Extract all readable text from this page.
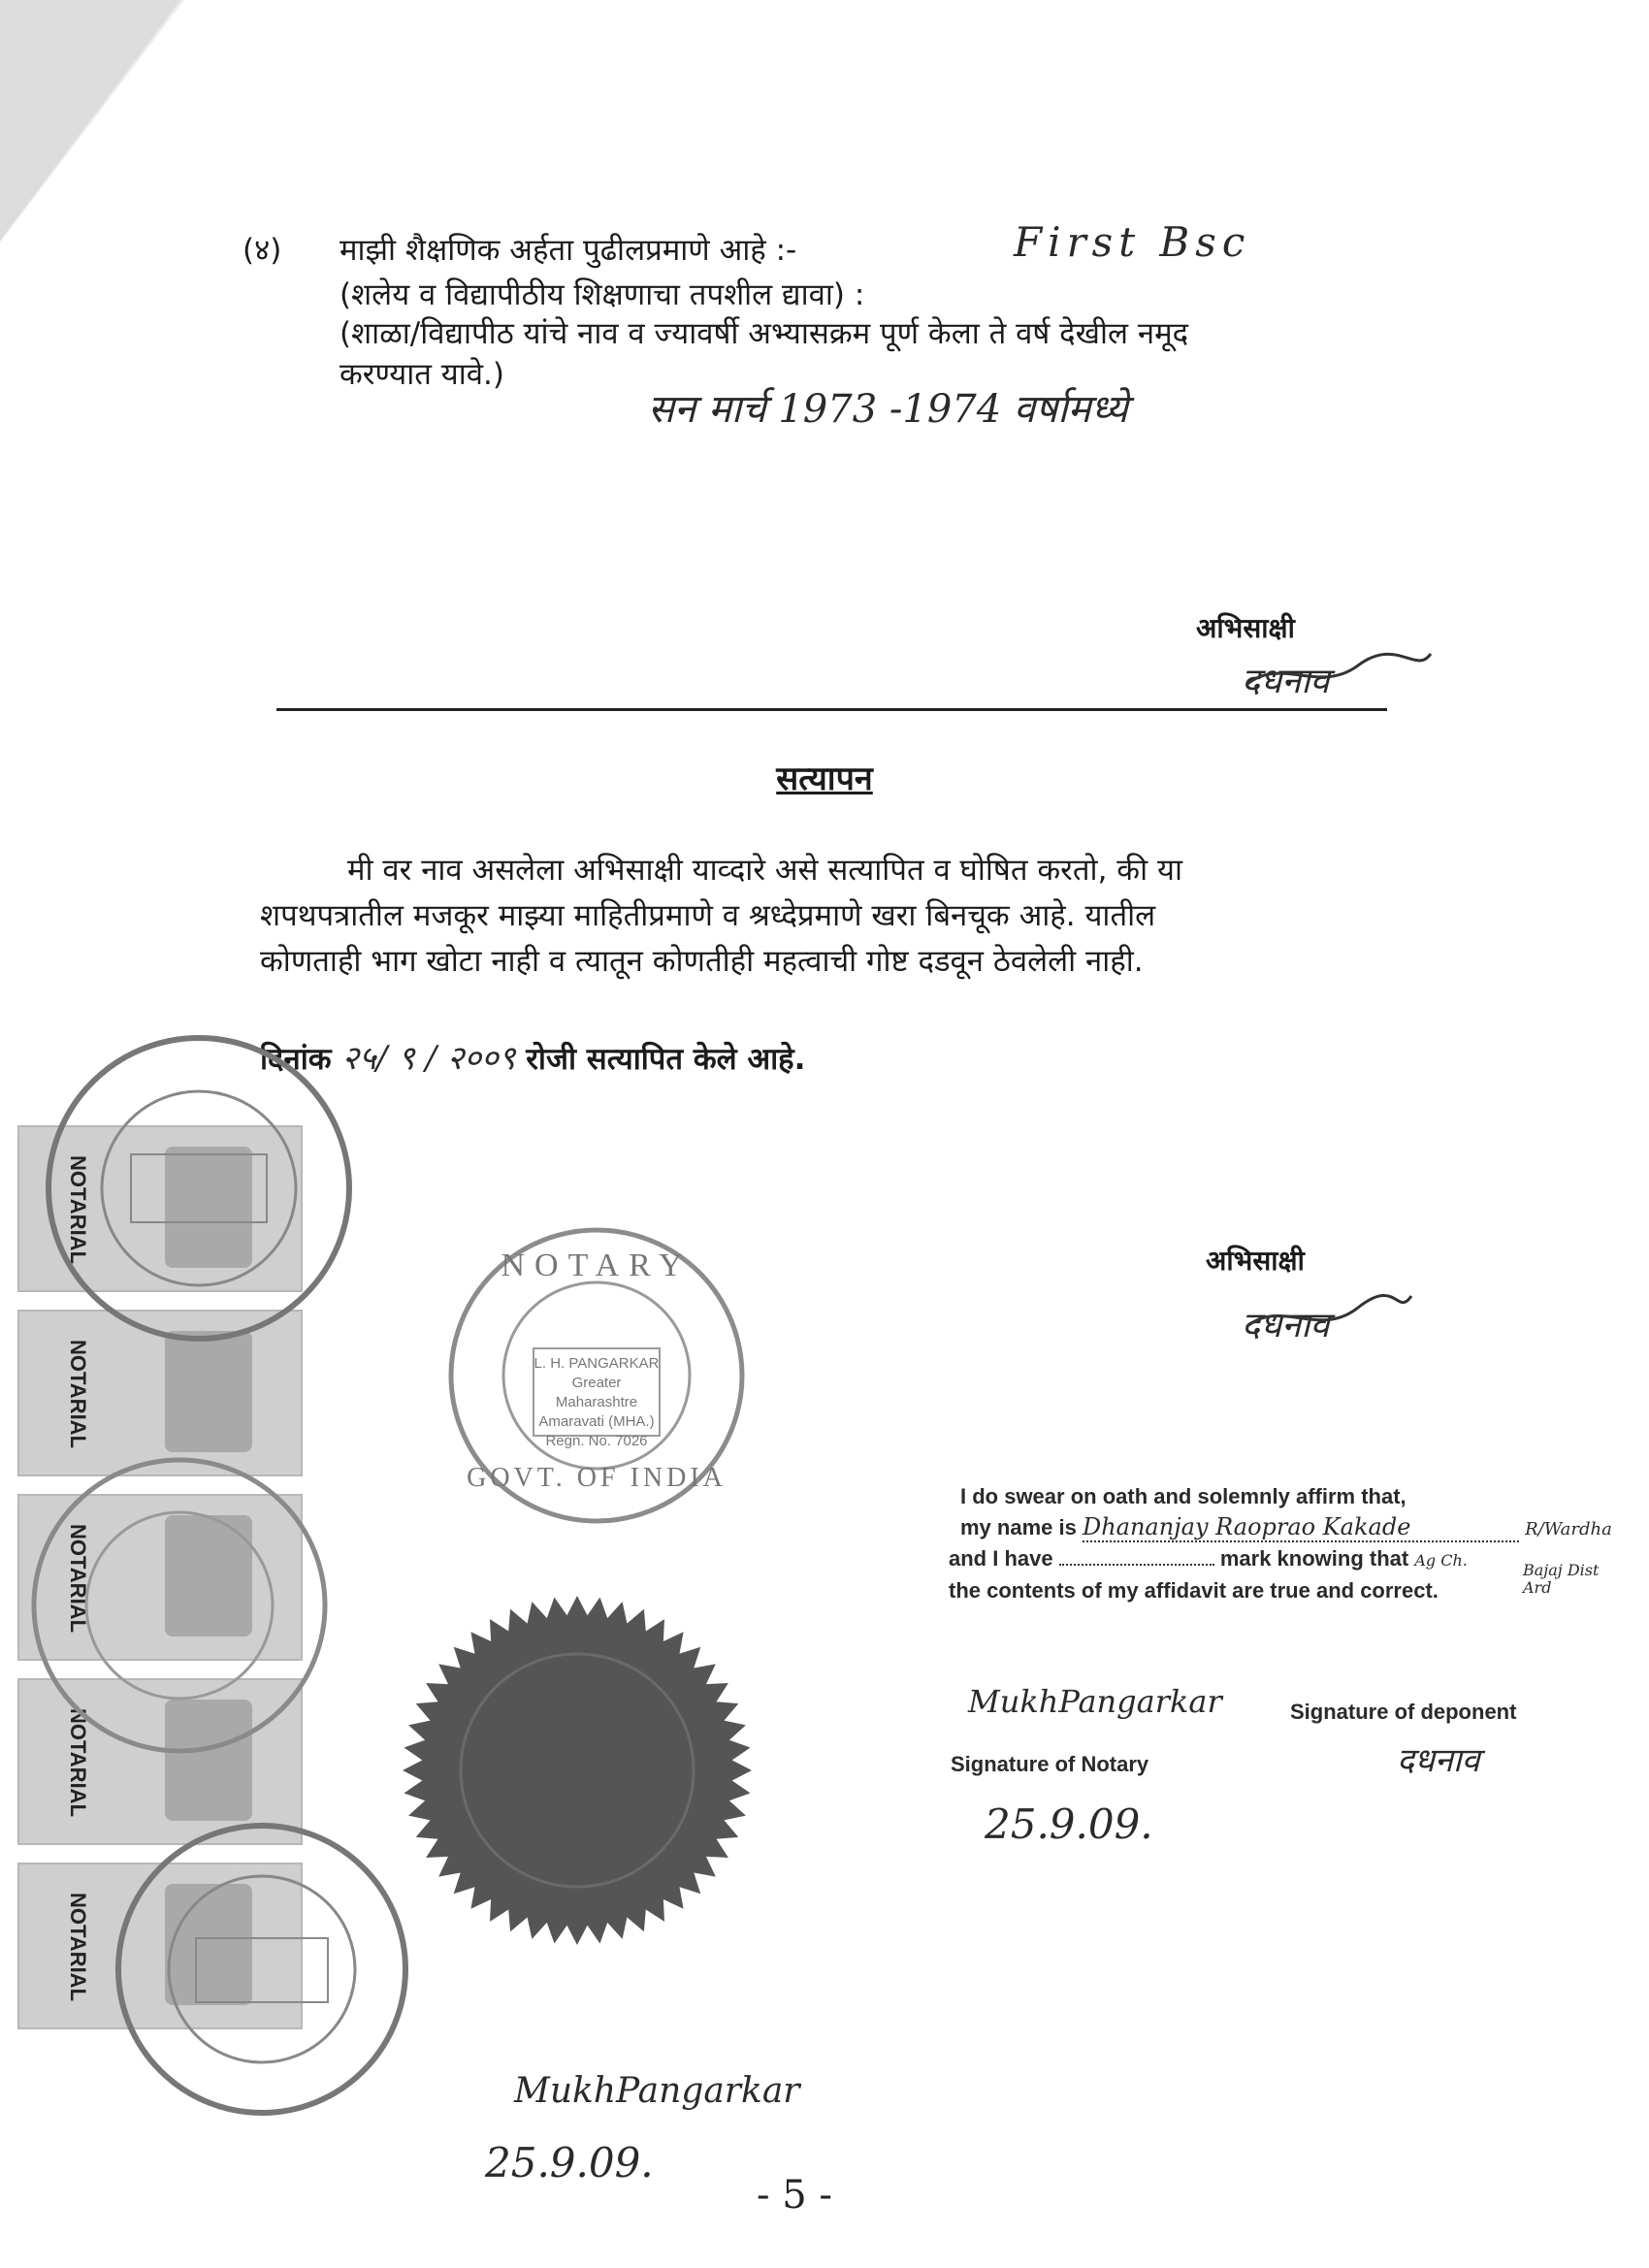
(४) माझी शैक्षणिक अर्हता पुढीलप्रमाणे आहे :-	First Bsc
(शलेय व विद्यापीठीय शिक्षणाचा तपशील द्यावा) :
(शाळा/विद्यापीठ यांचे नाव व ज्यावर्षी अभ्यासक्रम पूर्ण केला ते वर्ष देखील नमूद
करण्यात यावे.)
सन मार्च 1973 -1974 वर्षामध्ये
अभिसाक्षी
दधनाव
सत्यापन
मी वर नाव असलेला अभिसाक्षी याव्दारे असे सत्यापित व घोषित करतो, की या
शपथपत्रातील मजकूर माझ्या माहितीप्रमाणे व श्रध्देप्रमाणे खरा बिनचूक आहे. यातील
कोणताही भाग खोटा नाही व त्यातून कोणतीही महत्वाची गोष्ट दडवून ठेवलेली नाही.
दिनांक २५/ ९ / २००९ रोजी सत्यापित केले आहे.
NOTARIAL
NOTARIAL
NOTARIAL
NOTARIAL
NOTARIAL
NOTARY
L. H. PANGARKAR
Greater Maharashtre
Amaravati (MHA.)
Regn. No. 7026
GOVT. OF INDIA
अभिसाक्षी
दधनाव
I do swear on oath and solemnly affirm that,
my name is Dhananjay Raoprao Kakade	R/Wardha
and I have	mark knowing that Ag Ch.
the contents of my affidavit are true and correct.
Bajaj Dist Ard
MukhPangarkar
Signature of Notary
25.9.09.
Signature of deponent
दधनाव
MukhPangarkar
25.9.09.
- 5 -
